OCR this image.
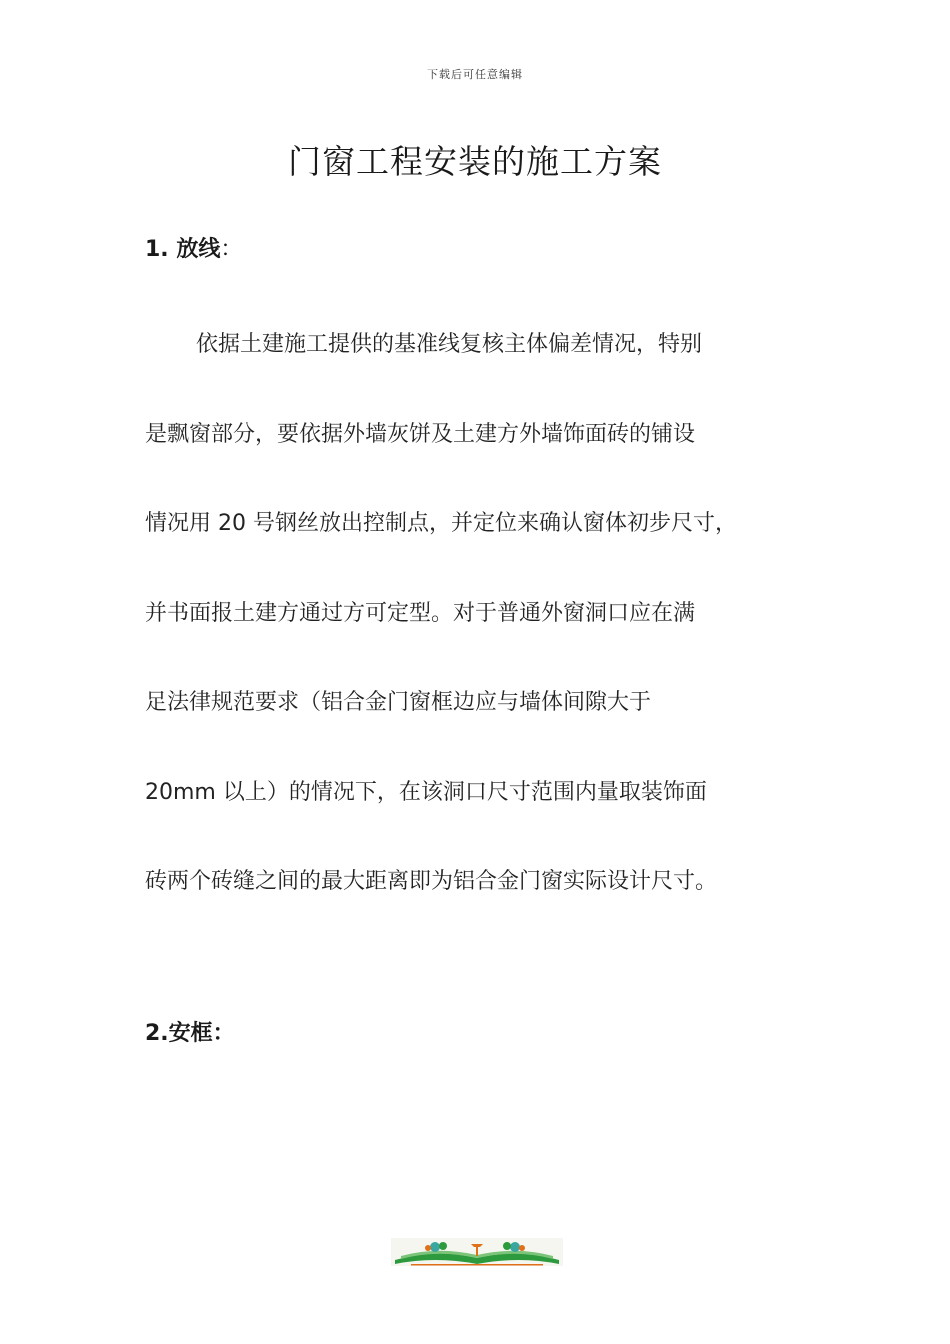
下载后可任意编辑
门窗工程安装的施工方案
1. 放线：
依据土建施工提供的基准线复核主体偏差情况，特别
是飘窗部分，要依据外墙灰饼及土建方外墙饰面砖的铺设
情况用 20 号钢丝放出控制点，并定位来确认窗体初步尺寸，
并书面报土建方通过方可定型。对于普通外窗洞口应在满
足法律规范要求（铝合金门窗框边应与墙体间隙大于
20mm 以上）的情况下，在该洞口尺寸范围内量取装饰面
砖两个砖缝之间的最大距离即为铝合金门窗实际设计尺寸。
2.安框：
